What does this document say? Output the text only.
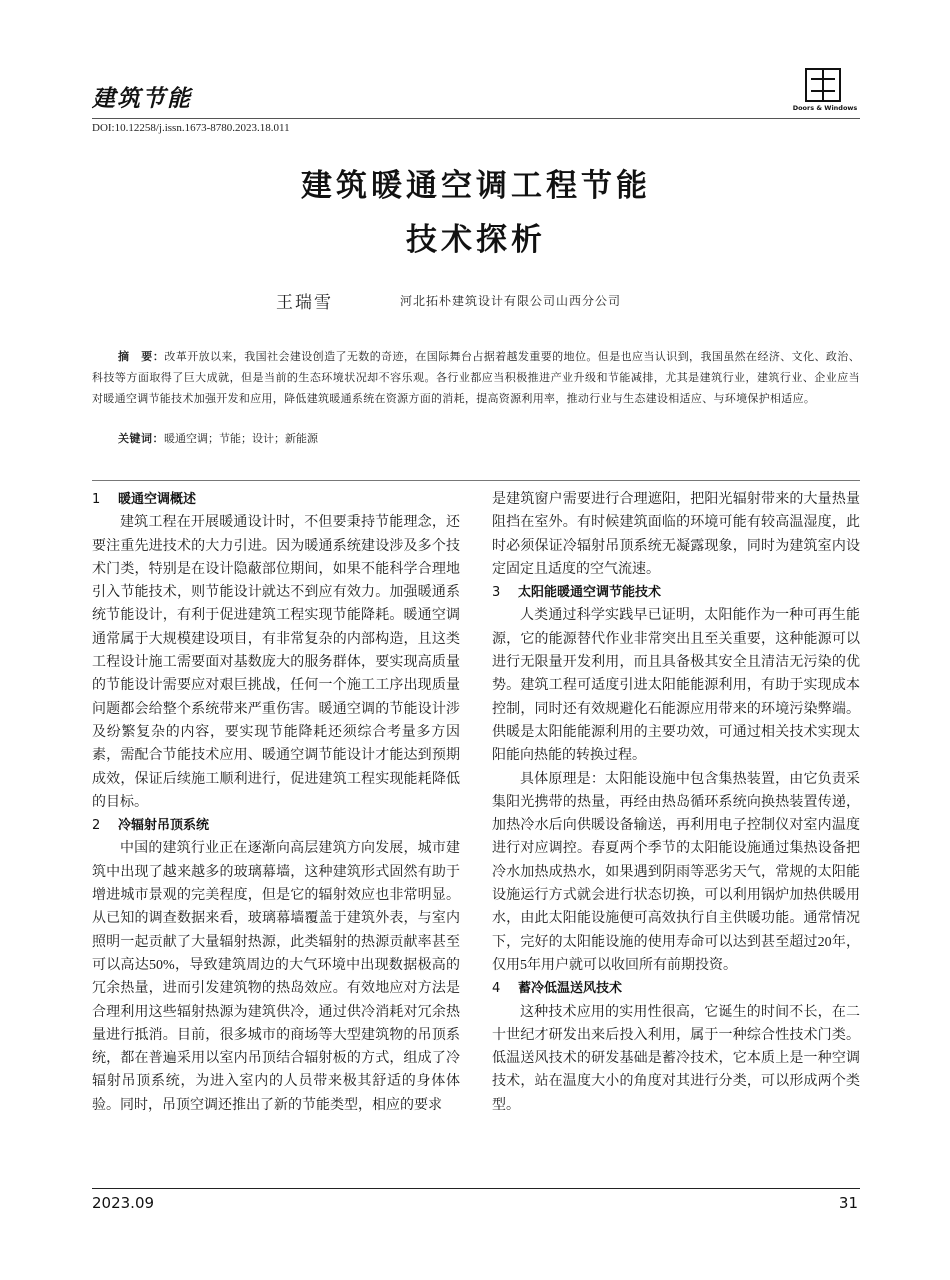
建筑节能	Doors & Windows
DOI:10.12258/j.issn.1673-8780.2023.18.011
建筑暖通空调工程节能
技术探析
王瑞雪	河北拓朴建筑设计有限公司山西分公司
摘　要：改革开放以来，我国社会建设创造了无数的奇迹，在国际舞台占据着越发重要的地位。但是也应当认识到，我国虽然在经济、文化、政治、科技等方面取得了巨大成就，但是当前的生态环境状况却不容乐观。各行业都应当积极推进产业升级和节能减排，尤其是建筑行业，建筑行业、企业应当对暖通空调节能技术加强开发和应用，降低建筑暖通系统在资源方面的消耗，提高资源利用率，推动行业与生态建设相适应、与环境保护相适应。
关键词：暖通空调；节能；设计；新能源
1 暖通空调概述

建筑工程在开展暖通设计时，不但要秉持节能理念，还要注重先进技术的大力引进。因为暖通系统建设涉及多个技术门类，特别是在设计隐蔽部位期间，如果不能科学合理地引入节能技术，则节能设计就达不到应有效力。加强暖通系统节能设计，有利于促进建筑工程实现节能降耗。暖通空调通常属于大规模建设项目，有非常复杂的内部构造，且这类工程设计施工需要面对基数庞大的服务群体，要实现高质量的节能设计需要应对艰巨挑战，任何一个施工工序出现质量问题都会给整个系统带来严重伤害。暖通空调的节能设计涉及纷繁复杂的内容，要实现节能降耗还须综合考量多方因素，需配合节能技术应用、暖通空调节能设计才能达到预期成效，保证后续施工顺利进行，促进建筑工程实现能耗降低的目标。

2 冷辐射吊顶系统

中国的建筑行业正在逐渐向高层建筑方向发展，城市建筑中出现了越来越多的玻璃幕墙，这种建筑形式固然有助于增进城市景观的完美程度，但是它的辐射效应也非常明显。从已知的调查数据来看，玻璃幕墙覆盖于建筑外表，与室内照明一起贡献了大量辐射热源，此类辐射的热源贡献率甚至可以高达50%，导致建筑周边的大气环境中出现数据极高的冗余热量，进而引发建筑物的热岛效应。有效地应对方法是合理利用这些辐射热源为建筑供冷，通过供冷消耗对冗余热量进行抵消。目前，很多城市的商场等大型建筑物的吊顶系统，都在普遍采用以室内吊顶结合辐射板的方式，组成了冷辐射吊顶系统，为进入室内的人员带来极其舒适的身体体验。同时，吊顶空调还推出了新的节能类型，相应的要求

是建筑窗户需要进行合理遮阳，把阳光辐射带来的大量热量阻挡在室外。有时候建筑面临的环境可能有较高温湿度，此时必须保证冷辐射吊顶系统无凝露现象，同时为建筑室内设定固定且适度的空气流速。

3 太阳能暖通空调节能技术

人类通过科学实践早已证明，太阳能作为一种可再生能源，它的能源替代作业非常突出且至关重要，这种能源可以进行无限量开发利用，而且具备极其安全且清洁无污染的优势。建筑工程可适度引进太阳能能源利用，有助于实现成本控制，同时还有效规避化石能源应用带来的环境污染弊端。供暖是太阳能能源利用的主要功效，可通过相关技术实现太阳能向热能的转换过程。

具体原理是：太阳能设施中包含集热装置，由它负责采集阳光携带的热量，再经由热岛循环系统向换热装置传递，加热冷水后向供暖设备输送，再利用电子控制仪对室内温度进行对应调控。春夏两个季节的太阳能设施通过集热设备把冷水加热成热水，如果遇到阴雨等恶劣天气，常规的太阳能设施运行方式就会进行状态切换，可以利用锅炉加热供暖用水，由此太阳能设施便可高效执行自主供暖功能。通常情况下，完好的太阳能设施的使用寿命可以达到甚至超过20年，仅用5年用户就可以收回所有前期投资。

4 蓄冷低温送风技术

这种技术应用的实用性很高，它诞生的时间不长，在二十世纪才研发出来后投入利用，属于一种综合性技术门类。低温送风技术的研发基础是蓄冷技术，它本质上是一种空调技术，站在温度大小的角度对其进行分类，可以形成两个类型。

2023.09	31
